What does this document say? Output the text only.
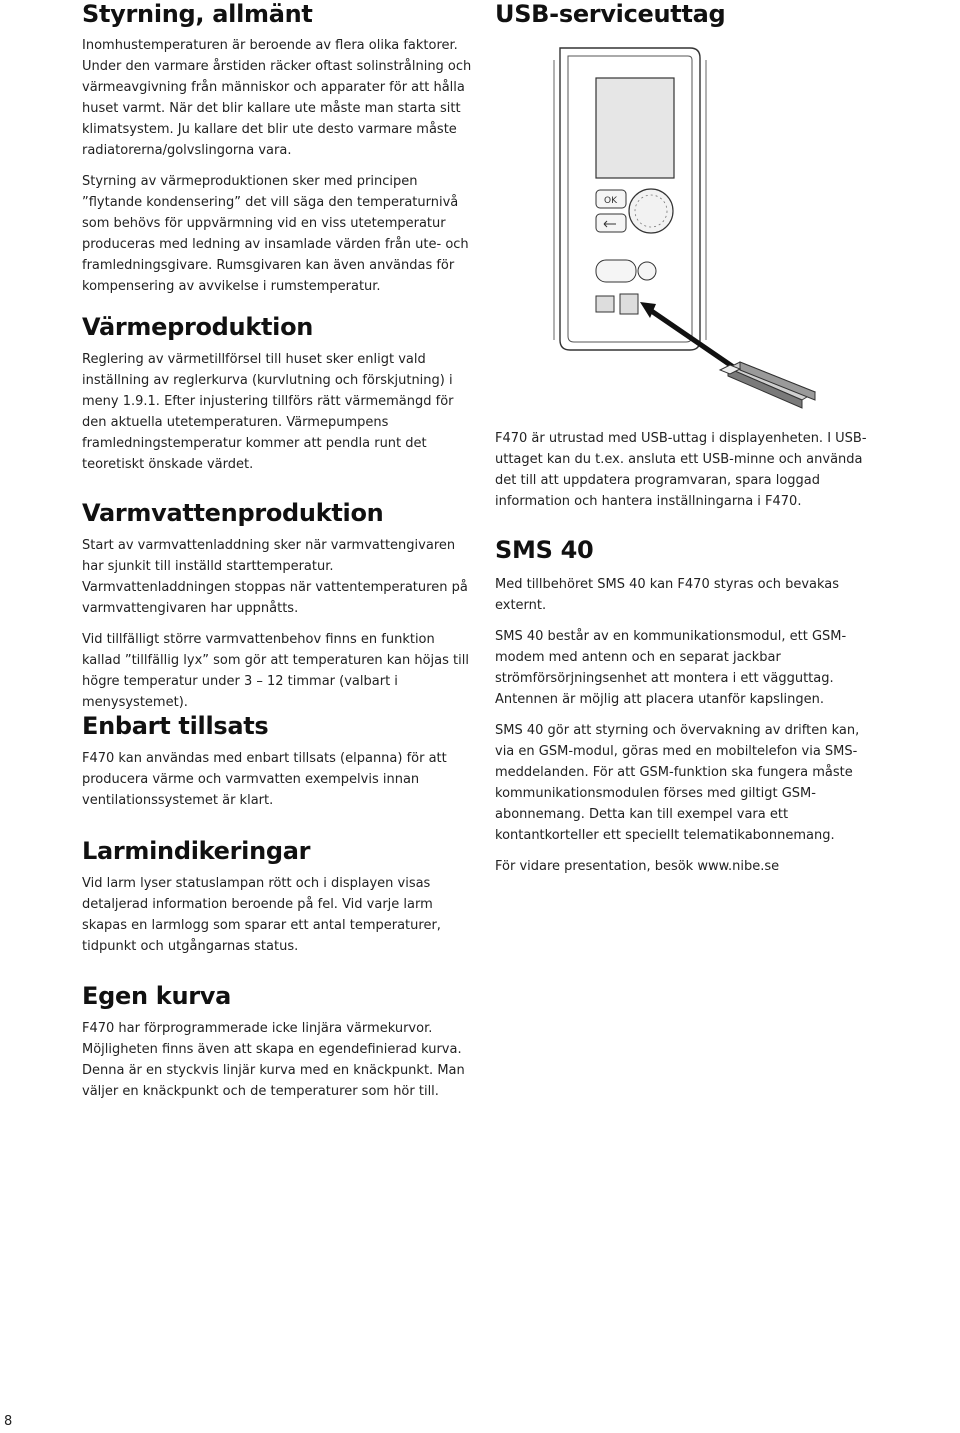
Styrning, allmänt

Inomhustemperaturen är beroende av flera olika faktorer. Under den varmare årstiden räcker oftast solinstrålning och värmeavgivning från människor och apparater för att hålla huset varmt. När det blir kallare ute måste man starta sitt klimatsystem. Ju kallare det blir ute desto varmare måste radiatorerna/golvslingorna vara.

Styrning av värmeproduktionen sker med principen ”flytande kondensering” det vill säga den temperaturnivå som behövs för uppvärmning vid en viss utetemperatur produceras med ledning av insamlade värden från ute- och framledningsgivare. Rumsgivaren kan även användas för kompensering av avvikelse i rumstemperatur.

Värmeproduktion

Reglering av värmetillförsel till huset sker enligt vald inställning av reglerkurva (kurvlutning och förskjutning) i meny 1.9.1. Efter injustering tillförs rätt värmemängd för den aktuella utetemperaturen. Värmepumpens framledningstemperatur kommer att pendla runt det teoretiskt önskade värdet.

Varmvattenproduktion

Start av varmvattenladdning sker när varmvattengivaren har sjunkit till inställd starttemperatur. Varmvattenladdningen stoppas när vattentemperaturen på varmvattengivaren har uppnåtts.

Vid tillfälligt större varmvattenbehov finns en funktion kallad ”tillfällig lyx” som gör att temperaturen kan höjas till högre temperatur under 3 – 12 timmar (valbart i menysystemet).

Enbart tillsats

F470 kan användas med enbart tillsats (elpanna) för att producera värme och varmvatten exempelvis innan ventilationssystemet är klart.

Larmindikeringar

Vid larm lyser statuslampan rött och i displayen visas detaljerad information beroende på fel. Vid varje larm skapas en larmlogg som sparar ett antal temperaturer, tidpunkt och utgångarnas status.

Egen kurva

F470 har förprogrammerade icke linjära värmekurvor. Möjligheten finns även att skapa en egendefinierad kurva. Denna är en styckvis linjär kurva med en knäckpunkt. Man väljer en knäckpunkt och de temperaturer som hör till.

USB-serviceuttag

F470 är utrustad med USB-uttag i displayenheten. I USB-uttaget kan du t.ex. ansluta ett USB-minne och använda det till att uppdatera programvaran, spara loggad information och hantera inställningarna i F470.

SMS 40

Med tillbehöret SMS 40 kan F470 styras och bevakas externt.

SMS 40 består av en kommunikationsmodul, ett GSM-modem med antenn och en separat jackbar strömförsörjningsenhet att montera i ett vägguttag. Antennen är möjlig att placera utanför kapslingen.

SMS 40 gör att styrning och övervakning av driften kan, via en GSM-modul, göras med en mobiltelefon via SMS-meddelanden. För att GSM-funktion ska fungera måste kommunikationsmodulen förses med giltigt GSM-abonnemang. Detta kan till exempel vara ett kontantkorteller ett speciellt telematikabonnemang.

För vidare presentation, besök www.nibe.se

OK
8
